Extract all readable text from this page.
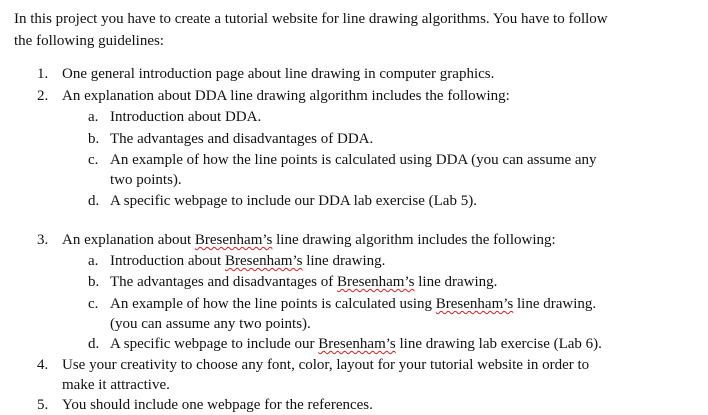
In this project you have to create a tutorial website for line drawing algorithms. You have to follow
the following guidelines:
1. One general introduction page about line drawing in computer graphics.
2. An explanation about DDA line drawing algorithm includes the following:
a. Introduction about DDA.
b. The advantages and disadvantages of DDA.
c. An example of how the line points is calculated using DDA (you can assume any
two points).
d. A specific webpage to include our DDA lab exercise (Lab 5).
3. An explanation about Bresenham’s line drawing algorithm includes the following:
a. Introduction about Bresenham’s line drawing.
b. The advantages and disadvantages of Bresenham’s line drawing.
c. An example of how the line points is calculated using Bresenham’s line drawing.
(you can assume any two points).
d. A specific webpage to include our Bresenham’s line drawing lab exercise (Lab 6).
4. Use your creativity to choose any font, color, layout for your tutorial website in order to
make it attractive.
5. You should include one webpage for the references.
